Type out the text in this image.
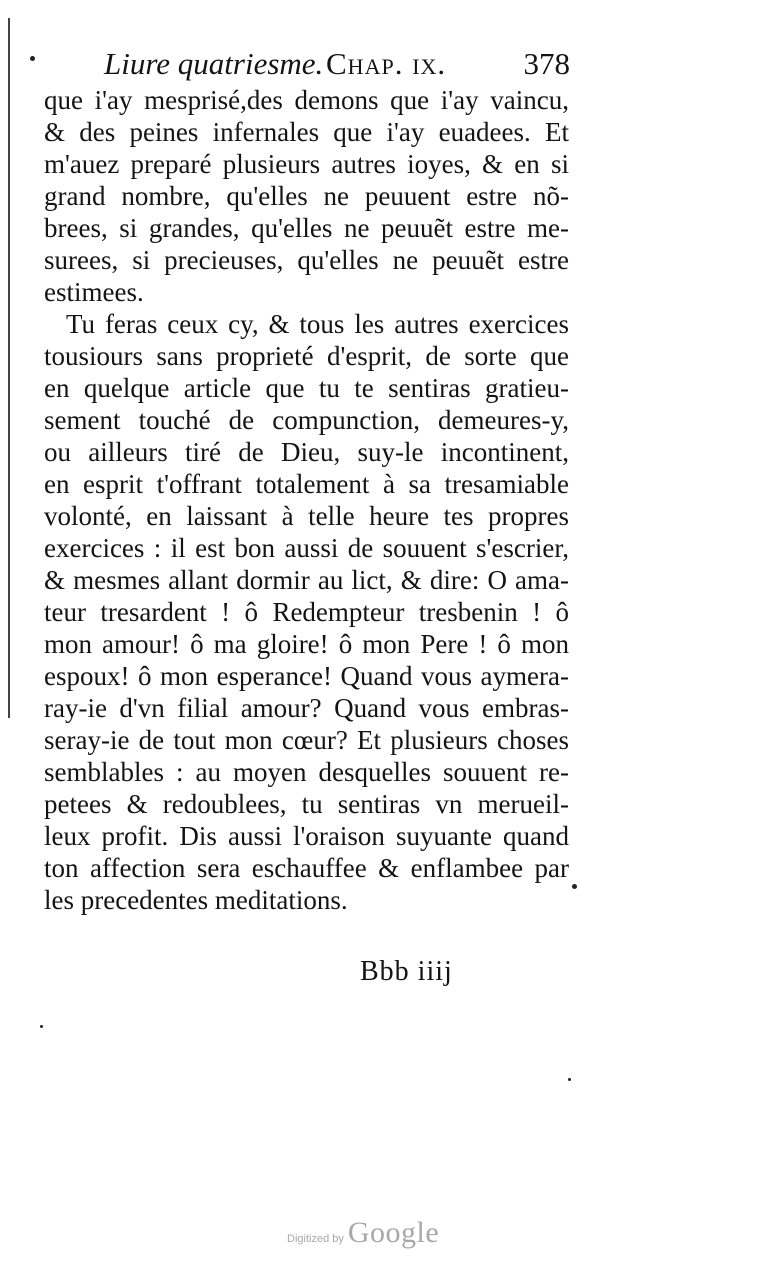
Liure quatriesme. Chap. ix. 378
que i'ay mesprisé,des demons que i'ay vaincu,
& des peines infernales que i'ay euadees. Et
m'auez preparé plusieurs autres ioyes, & en si
grand nombre, qu'elles ne peuuent estre nõ-
brees, si grandes, qu'elles ne peuuẽt estre me-
surees, si precieuses, qu'elles ne peuuẽt estre
estimees.
Tu feras ceux cy, & tous les autres exercices
tousiours sans proprieté d'esprit, de sorte que
en quelque article que tu te sentiras gratieu-
sement touché de compunction, demeures-y,
ou ailleurs tiré de Dieu, suy-le incontinent,
en esprit t'offrant totalement à sa tresamiable
volonté, en laissant à telle heure tes propres
exercices : il est bon aussi de souuent s'escrier,
& mesmes allant dormir au lict, & dire: O ama-
teur tresardent ! ô Redempteur tresbenin ! ô
mon amour! ô ma gloire! ô mon Pere ! ô mon
espoux! ô mon esperance! Quand vous aymera-
ray-ie d'vn filial amour? Quand vous embras-
seray-ie de tout mon cœur? Et plusieurs choses
semblables : au moyen desquelles souuent re-
petees & redoublees, tu sentiras vn merueil-
leux profit. Dis aussi l'oraison suyuante quand
ton affection sera eschauffee & enflambee par
les precedentes meditations.
Bbb iiij
Digitized by Google
